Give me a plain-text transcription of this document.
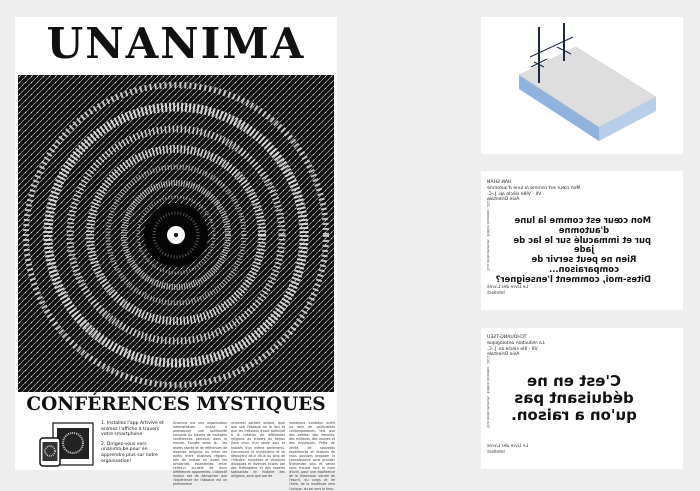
UNANIMA
CONFÉRENCES MYSTIQUES

1. Installez l'app Artivive et animez l'affiche à travers votre smartphone.

2. Dirigez-vous vers unanima.be pour en apprendre plus sur notre organisation!

Unanima est une organisation internationale visant à promouvoir une spiritualité nouvelle au travers de multiples conférences parcours dans le monde. Fondée selon le... les textes sacrés et de références de diverses religions ou entre les partis entre plusieurs régions, afin de mettre en avant les similarités essentielles entre celles-ci au-delà de leurs différences apparentes. L'objectif majeur est de démontrer que l'expérience de l'absolue est un phénomène
universel partant unique, quel que soit l'époque ou le lieu et que les individus ayant participé à la création de différentes religions au travers du temps (tout ceux d'un seule voix et habités d'un même sentiment). Concernant le mysticisme et se déployant de-ci de-là au long de l'histoire, nouvelles et plusieurs dialogues et diverses écoles par des théologiens et des experts spécialisés en histoire des religions, ainsi que par de
nombreux individus actifs au sein de spiritualités contemporaines. tels que des poètes, des femmes, des militants, des moines et des mystiques. Prêts de vérité, de nouvelles expériences et illusions de nous pouvons proposer la connaissance sous grande! N'attendez plus et venez nous trouver tout le mois d'avril, pour une expérience de la dimension sacrée de l'esprit, du corps et de l'âme, de la multitude vers l'unique, du soi vers le tiers.
HAN SHAN
Mon cœur est comme la lune d'automne
VII - VIIIe siècle ap. J.-C.
Asie Orientale
Mon cœur est comme la lune
d'automne
pur et immaculé sur le lac de
jade
Rien ne peut servir de
comparaison...
Dites-moi, comment l'enseigner?
Le Livre des Livres
Intellect
Tous droits réservés · Édition Unanima · 2021
TCHOUANG-TSEU
La réduction ontologique
VII - IIIe siècle av. J.-C.
Asie Orientale
C'est en ne
déduisant pas
qu'on a raison.
Le Livre des Livres
Intellect
Tous droits réservés · Édition Unanima · 2021
